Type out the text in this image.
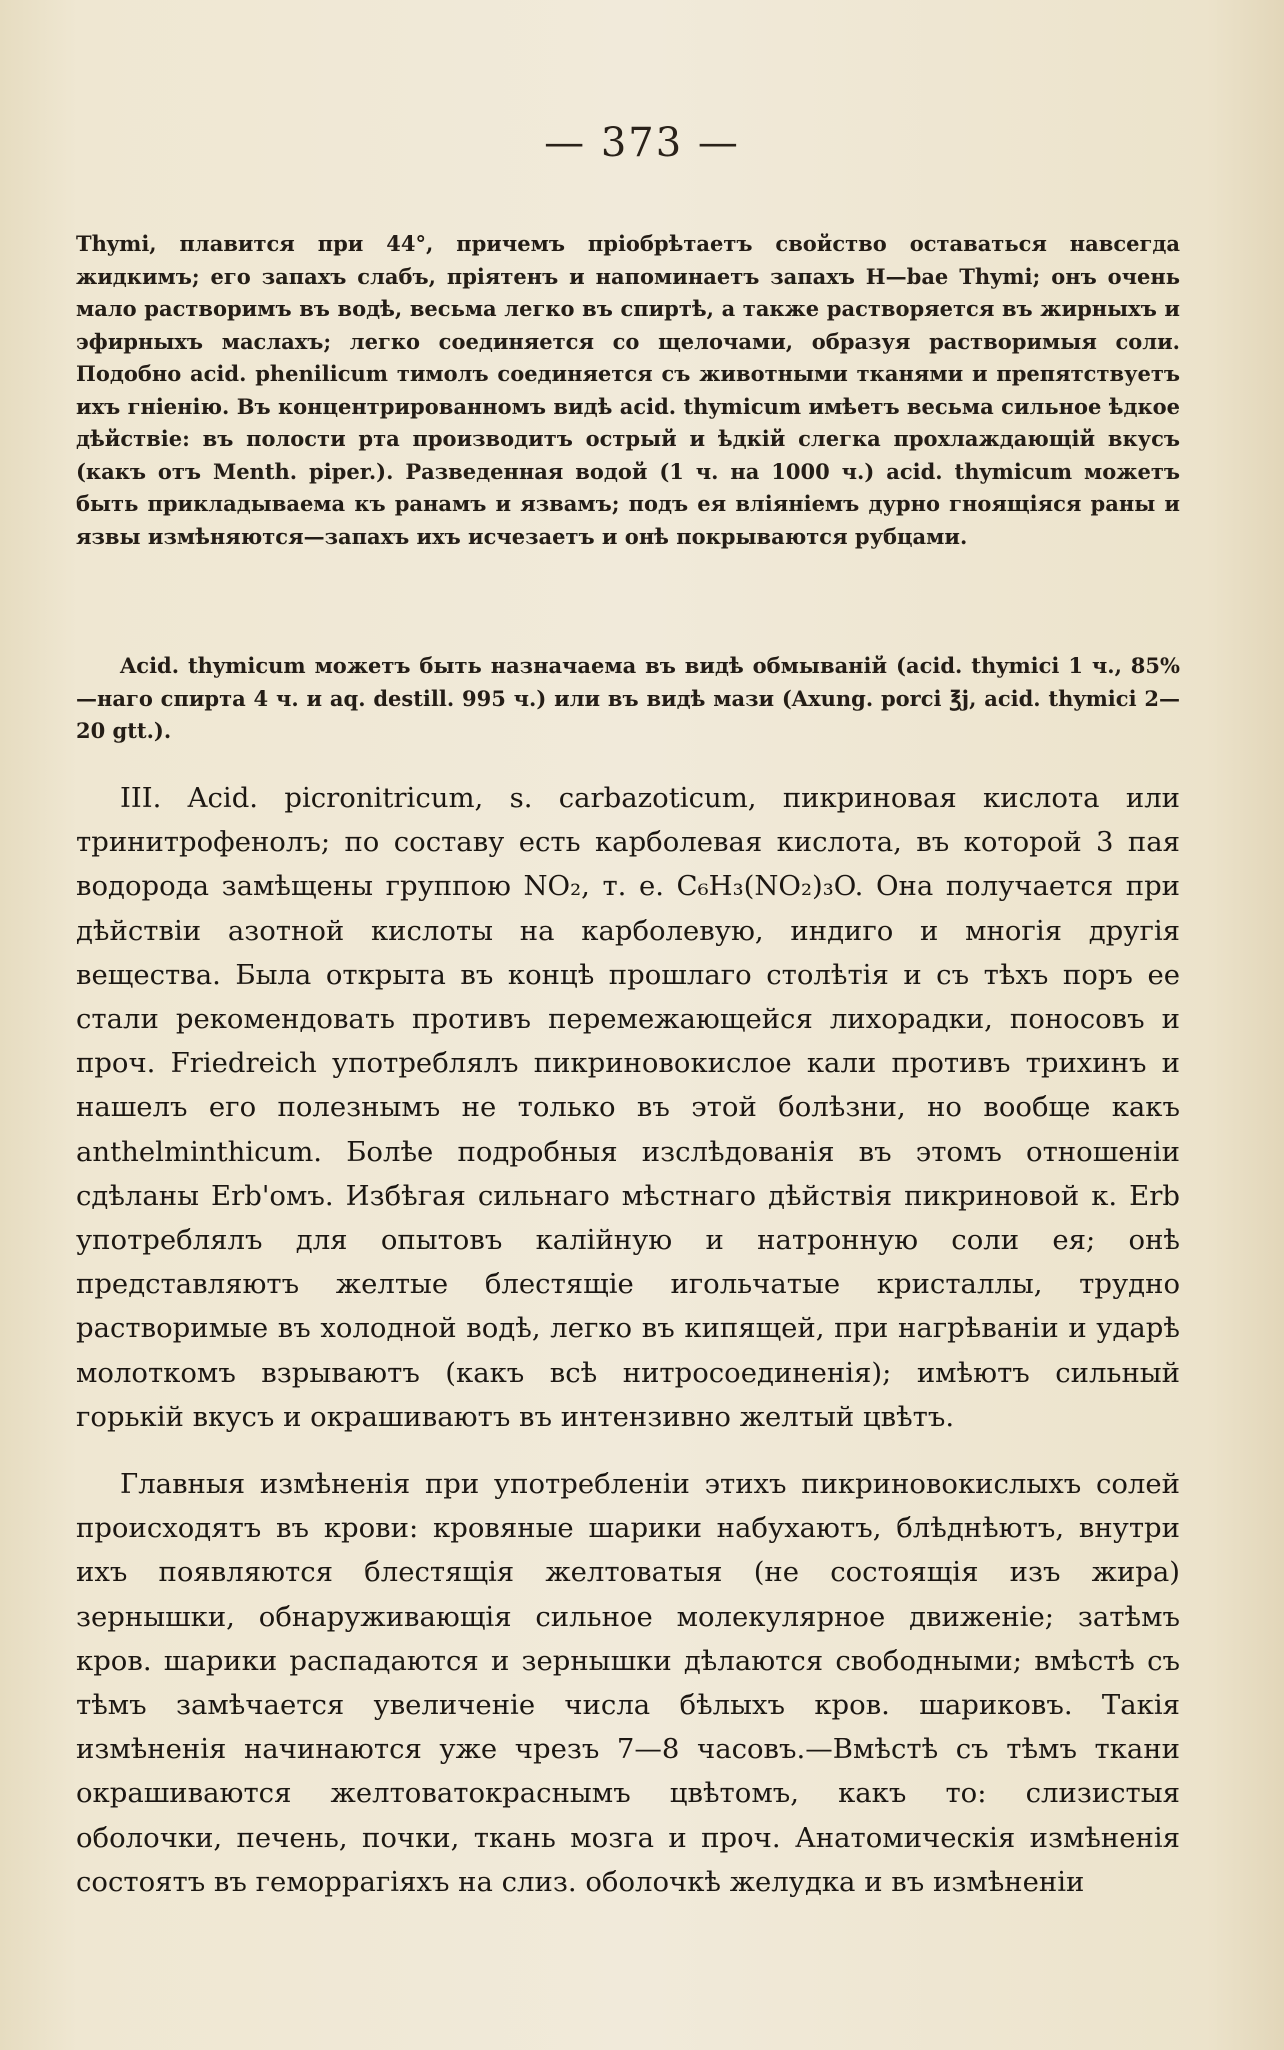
— 373 —

Thymi, плавится при 44°, причемъ пріобрѣтаетъ свойство оставаться навсегда жидкимъ; его запахъ слабъ, пріятенъ и напоминаетъ запахъ H—bae Thymi; онъ очень мало растворимъ въ водѣ, весьма легко въ спиртѣ, а также растворяется въ жирныхъ и эфирныхъ маслахъ; легко соединяется со щелочами, образуя растворимыя соли. Подобно acid. phenilicum тимолъ соединяется съ животными тканями и препятствуетъ ихъ гніенію. Въ концентрированномъ видѣ acid. thymicum имѣетъ весьма сильное ѣдкое дѣйствіе: въ полости рта производитъ острый и ѣдкій слегка прохлаждающій вкусъ (какъ отъ Menth. piper.). Разведенная водой (1 ч. на 1000 ч.) acid. thymicum можетъ быть прикладываема къ ранамъ и язвамъ; подъ ея вліяніемъ дурно гноящіяся раны и язвы измѣняются—запахъ ихъ исчезаетъ и онѣ покрываются рубцами.

Acid. thymicum можетъ быть назначаема въ видѣ обмываній (acid. thymici 1 ч., 85%—наго спирта 4 ч. и aq. destill. 995 ч.) или въ видѣ мази (Axung. porci ℥j, acid. thymici 2—20 gtt.).

III. Acid. picronitricum, s. carbazoticum, пикриновая кислота или тринитрофенолъ; по составу есть карболевая кислота, въ которой 3 пая водорода замѣщены группою NO₂, т. е. C₆H₃(NO₂)₃O. Она получается при дѣйствіи азотной кислоты на карболевую, индиго и многія другія вещества. Была открыта въ концѣ прошлаго столѣтія и съ тѣхъ поръ ее стали рекомендовать противъ перемежающейся лихорадки, поносовъ и проч. Friedreich употреблялъ пикриновокислое кали противъ трихинъ и нашелъ его полезнымъ не только въ этой болѣзни, но вообще какъ anthelminthicum. Болѣе подробныя изслѣдованія въ этомъ отношеніи сдѣланы Erb'омъ. Избѣгая сильнаго мѣстнаго дѣйствія пикриновой к. Erb употреблялъ для опытовъ калійную и натронную соли ея; онѣ представляютъ желтые блестящіе игольчатые кристаллы, трудно растворимые въ холодной водѣ, легко въ кипящей, при нагрѣваніи и ударѣ молоткомъ взрываютъ (какъ всѣ нитросоединенія); имѣютъ сильный горькій вкусъ и окрашиваютъ въ интензивно желтый цвѣтъ.

Главныя измѣненія при употребленіи этихъ пикриновокислыхъ солей происходятъ въ крови: кровяные шарики набухаютъ, блѣднѣютъ, внутри ихъ появляются блестящія желтоватыя (не состоящія изъ жира) зернышки, обнаруживающія сильное молекулярное движеніе; затѣмъ кров. шарики распадаются и зернышки дѣлаются свободными; вмѣстѣ съ тѣмъ замѣчается увеличеніе числа бѣлыхъ кров. шариковъ. Такія измѣненія начинаются уже чрезъ 7—8 часовъ.—Вмѣстѣ съ тѣмъ ткани окрашиваются желтоватокраснымъ цвѣтомъ, какъ то: слизистыя оболочки, печень, почки, ткань мозга и проч. Анатомическія измѣненія состоятъ въ геморрагіяхъ на слиз. оболочкѣ желудка и въ измѣненіи
